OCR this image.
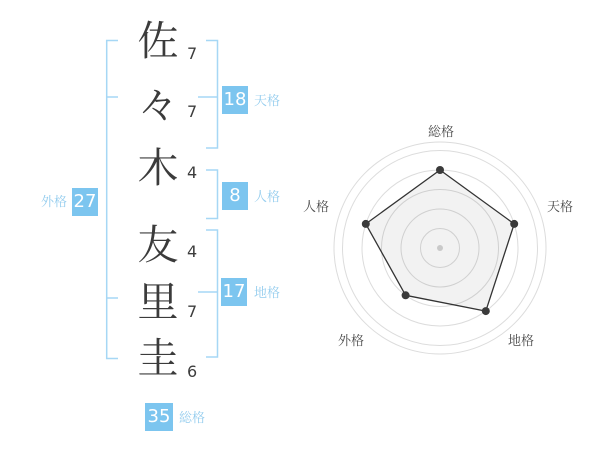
佐
々
木
友
里
圭
7
7
4
4
7
6
18 天格
8	人格
17 地格
外格 27
35 総格
総格
天格
地格
外格
人格
